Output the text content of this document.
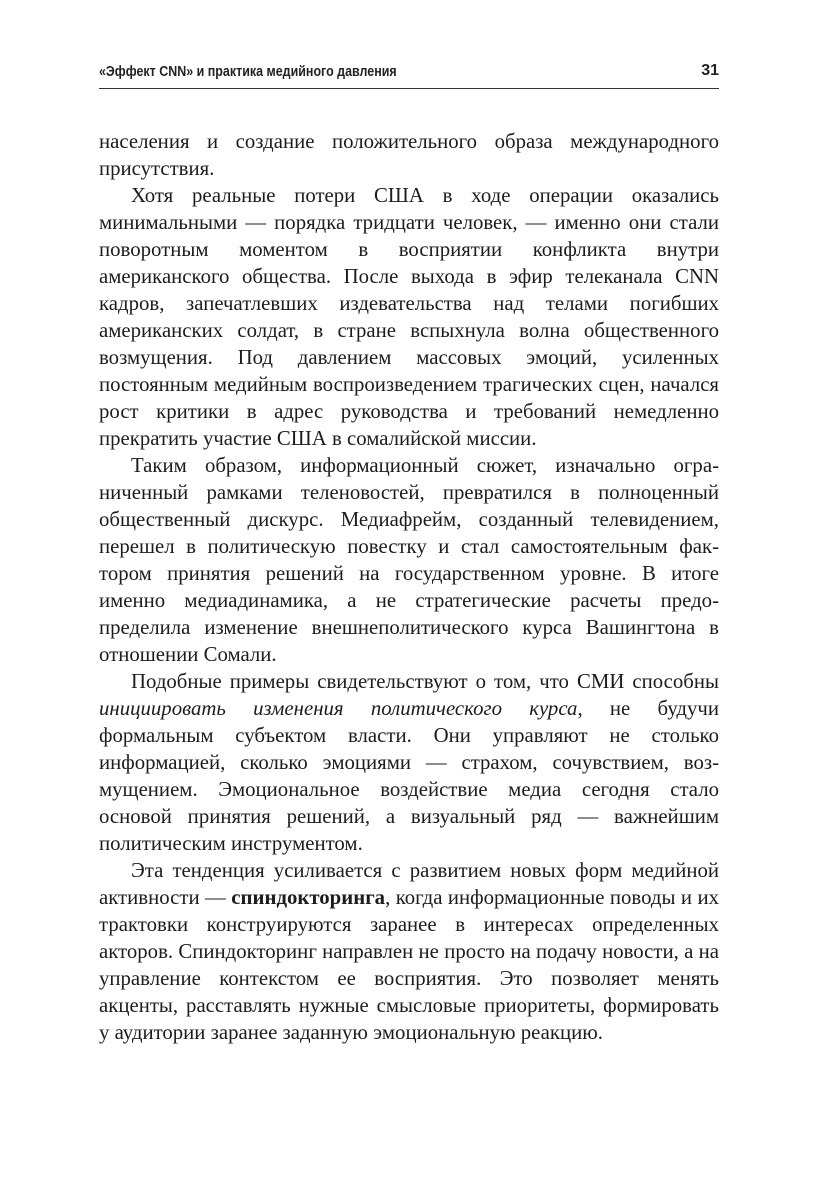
«Эффект CNN» и практика медийного давления	31

населения и создание положительного образа международного присутствия.

Хотя реальные потери США в ходе операции оказались минимальными — порядка тридцати человек, — именно они стали поворотным моментом в восприятии конфликта внутри американского общества. После выхода в эфир телеканала CNN кадров, запечатлевших издевательства над телами погибших американских солдат, в стране вспыхнула волна общественного возмущения. Под давлением массовых эмоций, усиленных постоянным медийным воспроизведением трагических сцен, начался рост критики в адрес руководства и требований немедленно прекратить участие США в сомалийской миссии.

Таким образом, информационный сюжет, изначально ограниченный рамками теленовостей, превратился в полноценный общественный дискурс. Медиафрейм, созданный телевидением, перешел в политическую повестку и стал самостоятельным фактором принятия решений на государственном уровне. В итоге именно медиадинамика, а не стратегические расчеты предопределила изменение внешнеполитического курса Вашингтона в отношении Сомали.

Подобные примеры свидетельствуют о том, что СМИ способны инициировать изменения политического курса, не будучи формальным субъектом власти. Они управляют не столько информацией, сколько эмоциями — страхом, сочувствием, возмущением. Эмоциональное воздействие медиа сегодня стало основой принятия решений, а визуальный ряд — важнейшим политическим инструментом.

Эта тенденция усиливается с развитием новых форм медийной активности — спиндокторинга, когда информационные поводы и их трактовки конструируются заранее в интересах определенных акторов. Спиндокторинг направлен не просто на подачу новости, а на управление контекстом ее восприятия. Это позволяет менять акценты, расставлять нужные смысловые приоритеты, формировать у аудитории заранее заданную эмоциональную реакцию.
